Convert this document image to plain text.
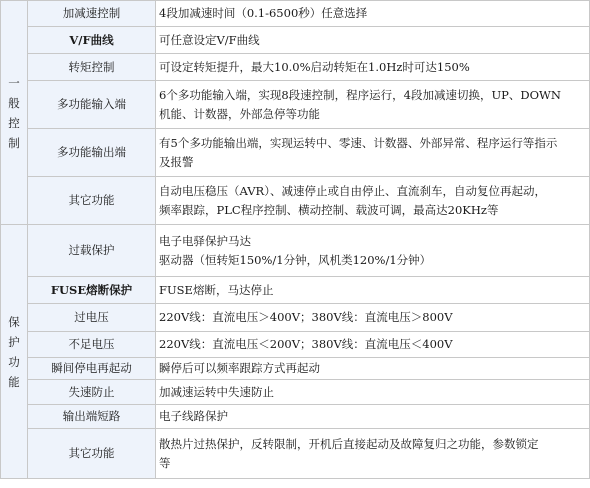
一般控制	加减速控制	4段加减速时间（0.1-6500秒）任意选择

	V/F曲线	可任意设定V/F曲线

	转矩控制	可设定转矩提升，最大10.0%启动转矩在1.0Hz时可达150%

	多功能输入端	6个多功能输入端，实现8段速控制，程序运行，4段加减速切换，UP、DOWN
机能、计数器，外部急停等功能

	多功能输出端	有5个多功能输出端，实现运转中、零速、计数器、外部异常、程序运行等指示
及报警

	其它功能	自动电压稳压（AVR）、减速停止或自由停止、直流刹车，自动复位再起动，
频率跟踪，PLC程序控制、横动控制、载波可调，最高达20KHz等

保护功能	过载保护	电子电驿保护马达
驱动器（恒转矩150%/1分钟，风机类120%/1分钟）

	FUSE熔断保护	FUSE熔断，马达停止

	过电压	220V线：直流电压＞400V；380V线：直流电压＞800V

	不足电压	220V线：直流电压＜200V；380V线：直流电压＜400V

	瞬间停电再起动	瞬停后可以频率跟踪方式再起动

	失速防止	加减速运转中失速防止

	输出端短路	电子线路保护

	其它功能	散热片过热保护，反转限制，开机后直接起动及故障复归之功能，参数锁定
等
